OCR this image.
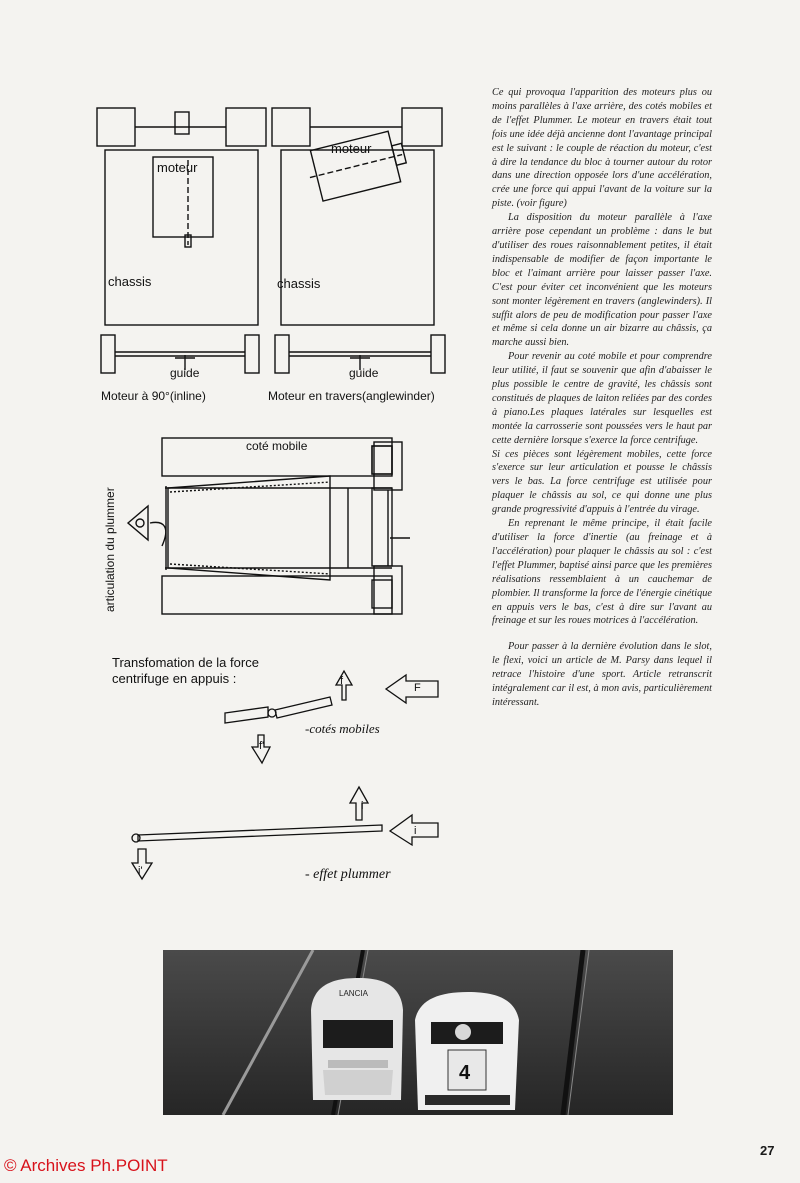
moteur
chassis
guide
Moteur à 90°(inline)
moteur
chassis
guide
Moteur en travers(anglewinder)
coté mobile
articulation du plummer
Transfomation de la force
centrifuge en appuis :	f
F
f'
-cotés mobiles
i
i
i'	- effet plummer

Ce qui provoqua l'apparition des moteurs plus ou moins parallèles à l'axe arrière, des cotés mobiles et de l'effet Plummer. Le moteur en travers était tout fois une idée déjà ancienne dont l'avantage principal est le suivant : le couple de réaction du moteur, c'est à dire la tendance du bloc à tourner autour du rotor dans une direction opposée lors d'une accélération, crée une force qui appui l'avant de la voiture sur la piste. (voir figure)

La disposition du moteur parallèle à l'axe arrière pose cependant un problème : dans le but d'utiliser des roues raisonnablement petites, il était indispensable de modifier de façon importante le bloc et l'aimant arrière pour laisser passer l'axe. C'est pour éviter cet inconvénient que les moteurs sont monter légèrement en travers (anglewinders). Il suffit alors de peu de modification pour passer l'axe et même si cela donne un air bizarre au châssis, ça marche aussi bien.

Pour revenir au coté mobile et pour comprendre leur utilité, il faut se souvenir que afin d'abaisser le plus possible le centre de gravité, les châssis sont constitués de plaques de laiton reliées par des cordes à piano.Les plaques latérales sur lesquelles est montée la carrosserie sont poussées vers le haut par cette dernière lorsque s'exerce la force centrifuge.

Si ces pièces sont légèrement mobiles, cette force s'exerce sur leur articulation et pousse le châssis vers le bas. La force centrifuge est utilisée pour plaquer le châssis au sol, ce qui donne une plus grande progressivité d'appuis à l'entrée du virage.

En reprenant le même principe, il était facile d'utiliser la force d'inertie (au freinage et à l'accélération) pour plaquer le châssis au sol : c'est l'effet Plummer, baptisé ainsi parce que les premières réalisations ressemblaient à un cauchemar de plombier. Il transforme la force de l'énergie cinétique en appuis vers le bas, c'est à dire sur l'avant au freinage et sur les roues motrices à l'accélération.

Pour passer à la dernière évolution dans le slot, le flexi, voici un article de M. Parsy dans lequel il retrace l'histoire d'une sport. Article retranscrit intégralement car il est, à mon avis, particulièrement intéressant.

LANCIA
4
27
© Archives Ph.POINT
